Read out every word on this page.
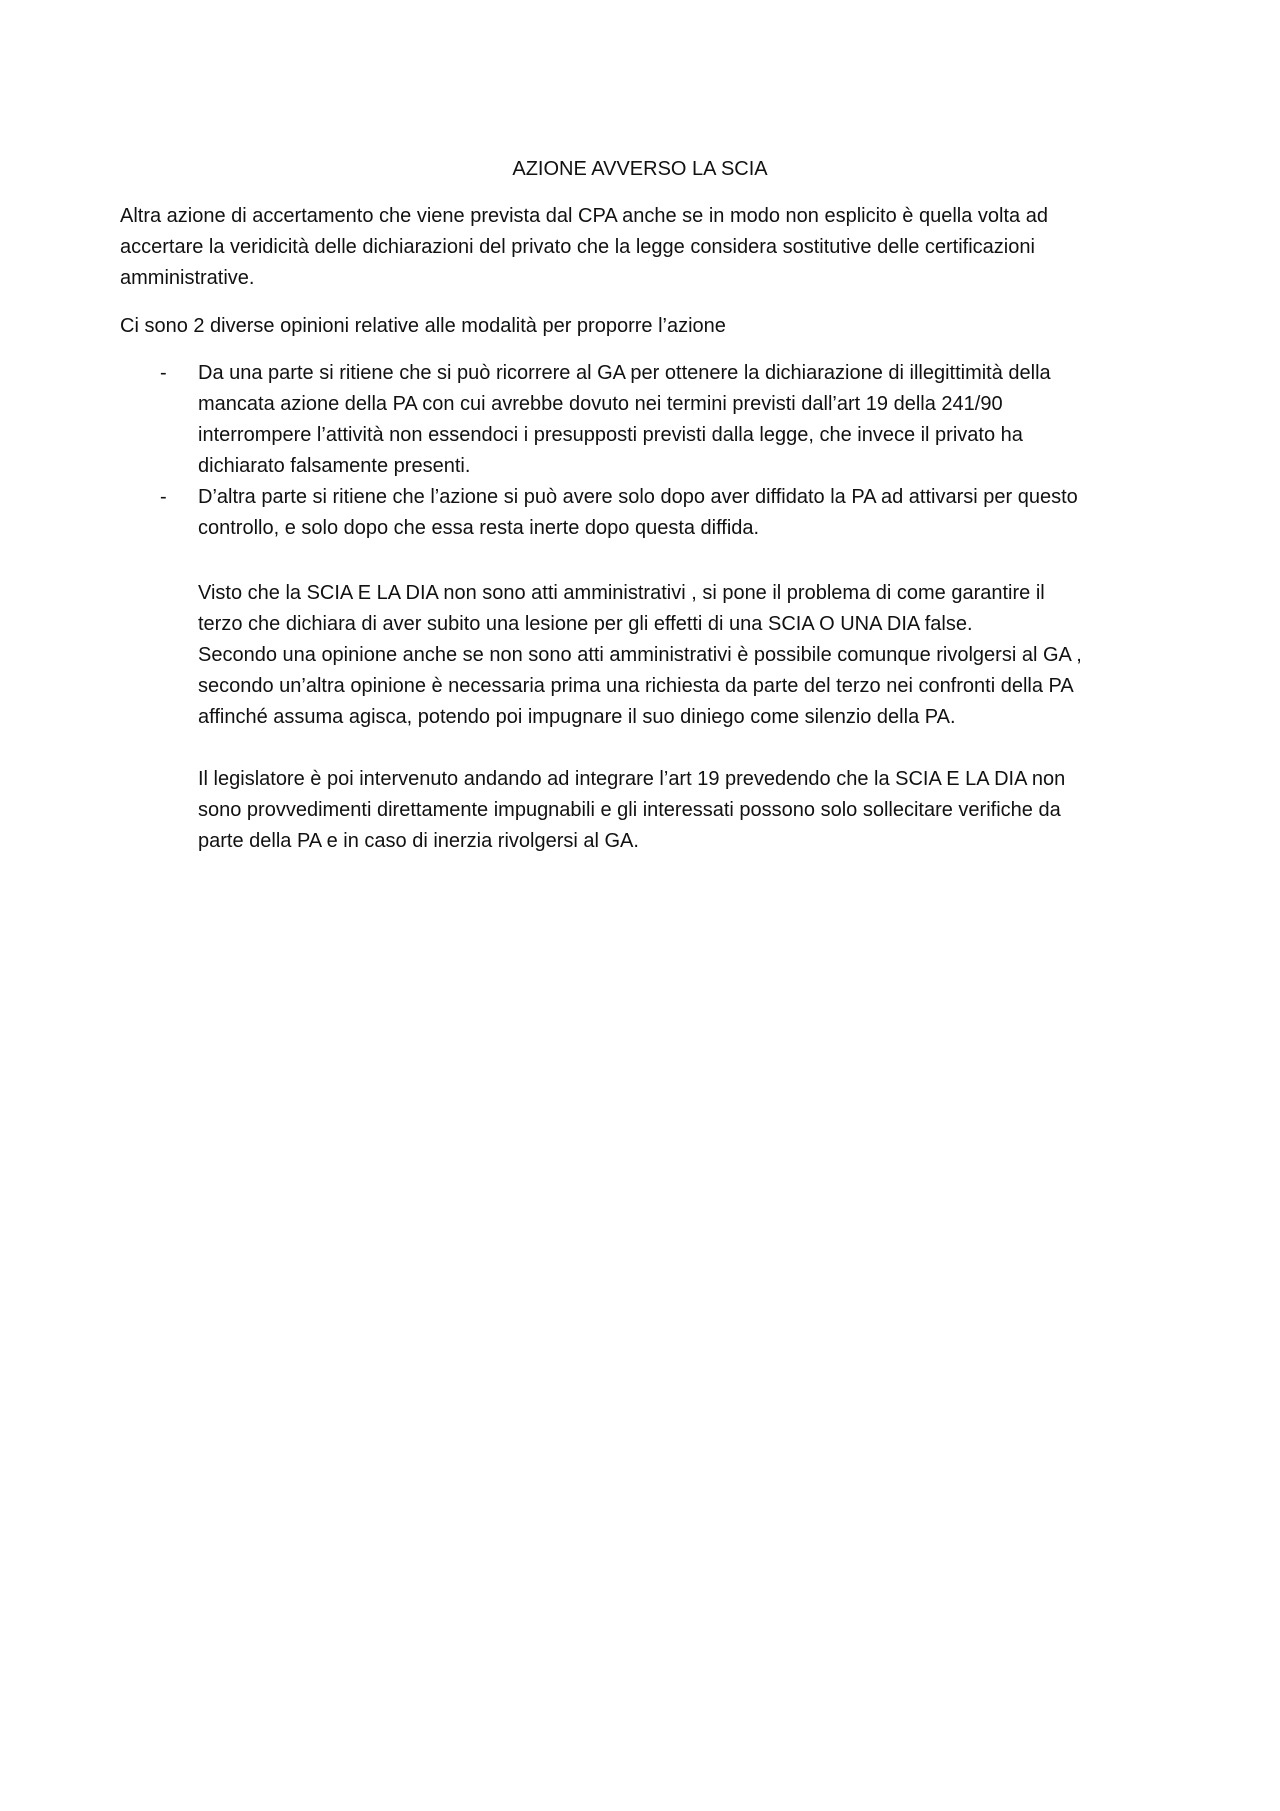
AZIONE AVVERSO LA SCIA

Altra azione di accertamento che viene prevista dal CPA anche se in modo non esplicito è quella volta ad
accertare la veridicità delle dichiarazioni del privato che la legge considera sostitutive delle certificazioni
amministrative.

Ci sono 2 diverse opinioni relative alle modalità per proporre l’azione

- Da una parte si ritiene che si può ricorrere al GA per ottenere la dichiarazione di illegittimità della
mancata azione della PA con cui avrebbe dovuto nei termini previsti dall’art 19 della 241/90
interrompere l’attività non essendoci i presupposti previsti dalla legge, che invece il privato ha
dichiarato falsamente presenti.
- D’altra parte si ritiene che l’azione si può avere solo dopo aver diffidato la PA ad attivarsi per questo
controllo, e solo dopo che essa resta inerte dopo questa diffida.

Visto che la SCIA E LA DIA non sono atti amministrativi , si pone il problema di come garantire il
terzo che dichiara di aver subito una lesione per gli effetti di una SCIA O UNA DIA false.
Secondo una opinione anche se non sono atti amministrativi è possibile comunque rivolgersi al GA ,
secondo un’altra opinione è necessaria prima una richiesta da parte del terzo nei confronti della PA
affinché assuma agisca, potendo poi impugnare il suo diniego come silenzio della PA.

Il legislatore è poi intervenuto andando ad integrare l’art 19 prevedendo che la SCIA E LA DIA non
sono provvedimenti direttamente impugnabili e gli interessati possono solo sollecitare verifiche da
parte della PA e in caso di inerzia rivolgersi al GA.
